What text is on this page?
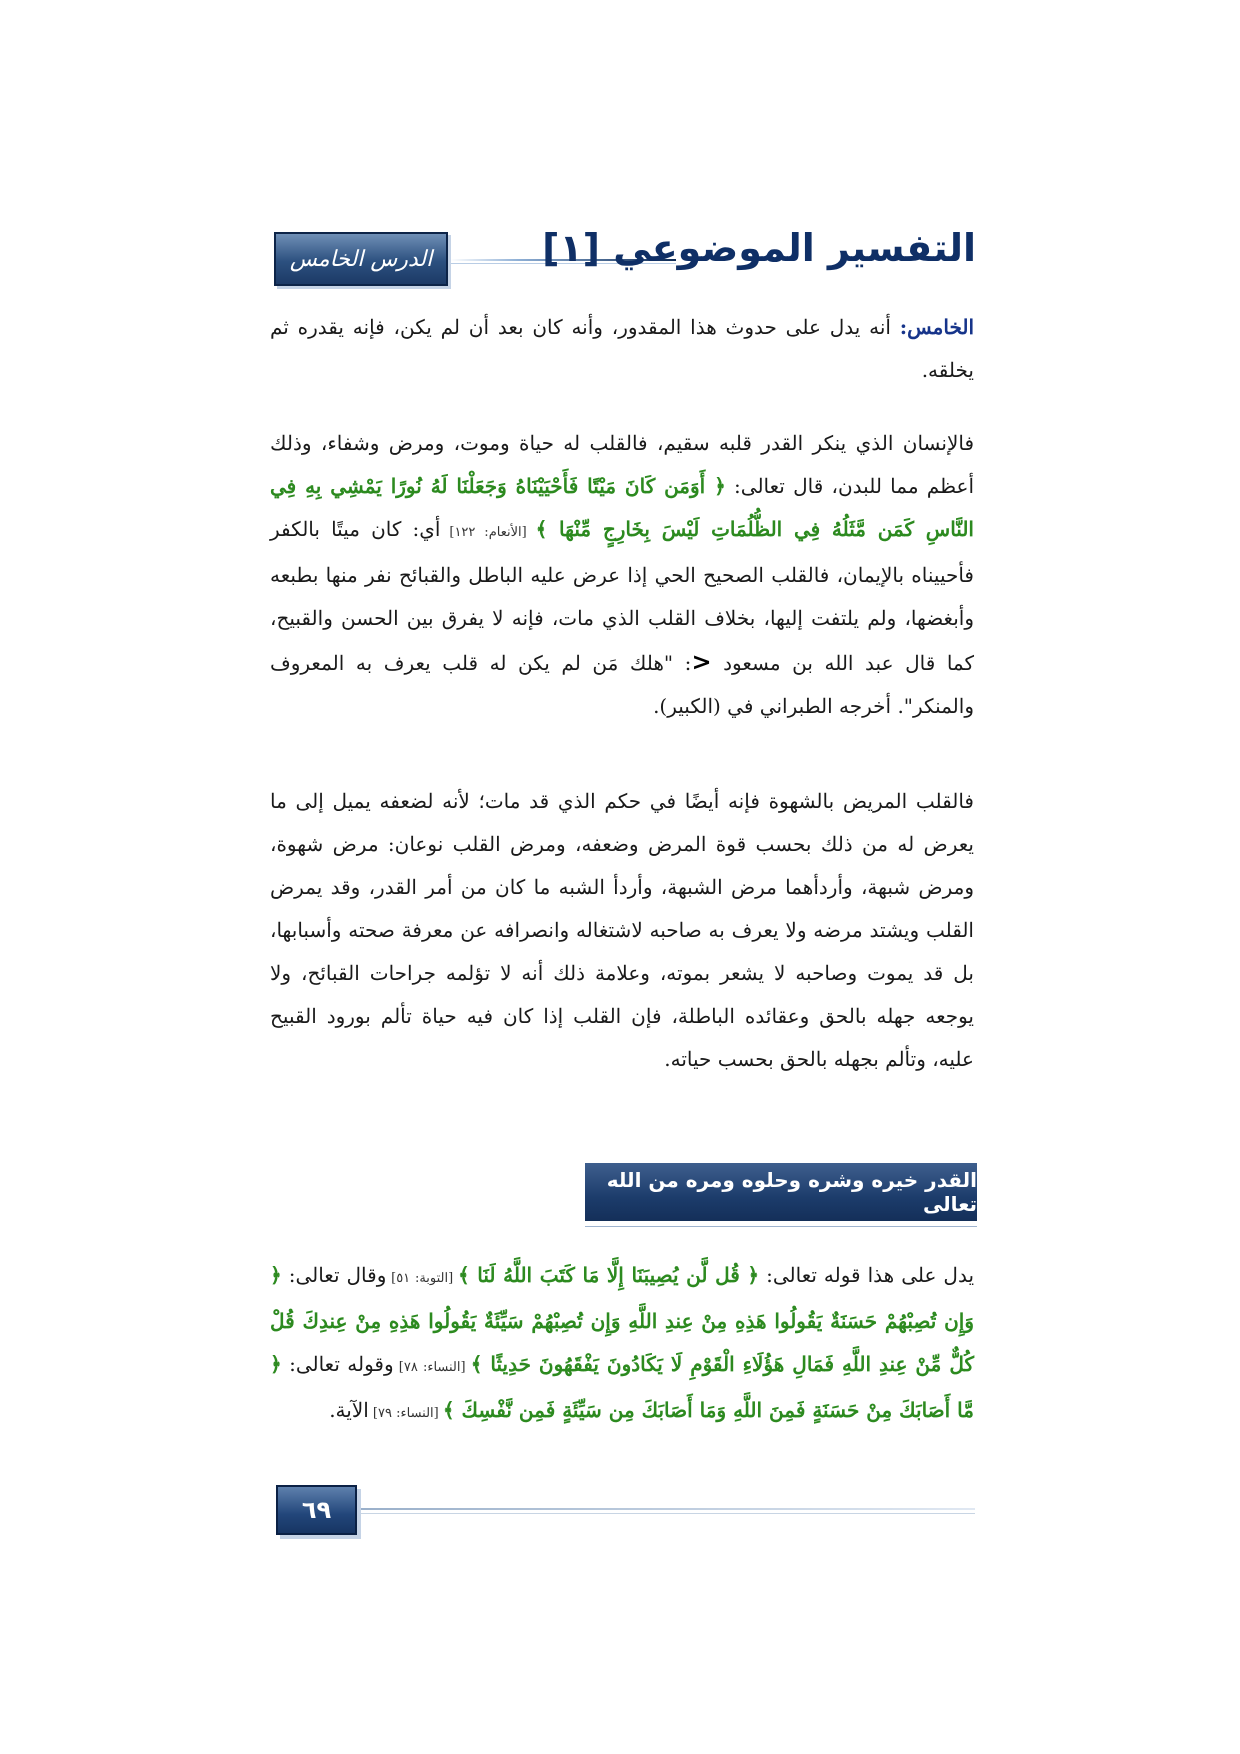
التفسير الموضوعي [١]
الدرس الخامس
الخامس: أنه يدل على حدوث هذا المقدور، وأنه كان بعد أن لم يكن، فإنه يقدره ثم يخلقه.
فالإنسان الذي ينكر القدر قلبه سقيم، فالقلب له حياة وموت، ومرض وشفاء، وذلك أعظم مما للبدن، قال تعالى: ﴿ أَوَمَن كَانَ مَيْتًا فَأَحْيَيْنَاهُ وَجَعَلْنَا لَهُ نُورًا يَمْشِي بِهِ فِي النَّاسِ كَمَن مَّثَلُهُ فِي الظُّلُمَاتِ لَيْسَ بِخَارِجٍ مِّنْهَا ﴾ [الأنعام: ١٢٢] أي: كان ميتًا بالكفر فأحييناه بالإيمان، فالقلب الصحيح الحي إذا عرض عليه الباطل والقبائح نفر منها بطبعه وأبغضها، ولم يلتفت إليها، بخلاف القلب الذي مات، فإنه لا يفرق بين الحسن والقبيح، كما قال عبد الله بن مسعود <: "هلك مَن لم يكن له قلب يعرف به المعروف والمنكر". أخرجه الطبراني في (الكبير).
فالقلب المريض بالشهوة فإنه أيضًا في حكم الذي قد مات؛ لأنه لضعفه يميل إلى ما يعرض له من ذلك بحسب قوة المرض وضعفه، ومرض القلب نوعان: مرض شهوة، ومرض شبهة، وأردأهما مرض الشبهة، وأردأ الشبه ما كان من أمر القدر، وقد يمرض القلب ويشتد مرضه ولا يعرف به صاحبه لاشتغاله وانصرافه عن معرفة صحته وأسبابها، بل قد يموت وصاحبه لا يشعر بموته، وعلامة ذلك أنه لا تؤلمه جراحات القبائح، ولا يوجعه جهله بالحق وعقائده الباطلة، فإن القلب إذا كان فيه حياة تألم بورود القبيح عليه، وتألم بجهله بالحق بحسب حياته.
القدر خيره وشره وحلوه ومره من الله تعالى
يدل على هذا قوله تعالى: ﴿ قُل لَّن يُصِيبَنَا إِلَّا مَا كَتَبَ اللَّهُ لَنَا ﴾ [التوبة: ٥١] وقال تعالى: ﴿ وَإِن تُصِبْهُمْ حَسَنَةٌ يَقُولُوا هَذِهِ مِنْ عِندِ اللَّهِ وَإِن تُصِبْهُمْ سَيِّئَةٌ يَقُولُوا هَذِهِ مِنْ عِندِكَ قُلْ كُلٌّ مِّنْ عِندِ اللَّهِ فَمَالِ هَؤُلَاءِ الْقَوْمِ لَا يَكَادُونَ يَفْقَهُونَ حَدِيثًا ﴾ [النساء: ٧٨] وقوله تعالى: ﴿ مَّا أَصَابَكَ مِنْ حَسَنَةٍ فَمِنَ اللَّهِ وَمَا أَصَابَكَ مِن سَيِّئَةٍ فَمِن نَّفْسِكَ ﴾ [النساء: ٧٩] الآية.
٦٩
